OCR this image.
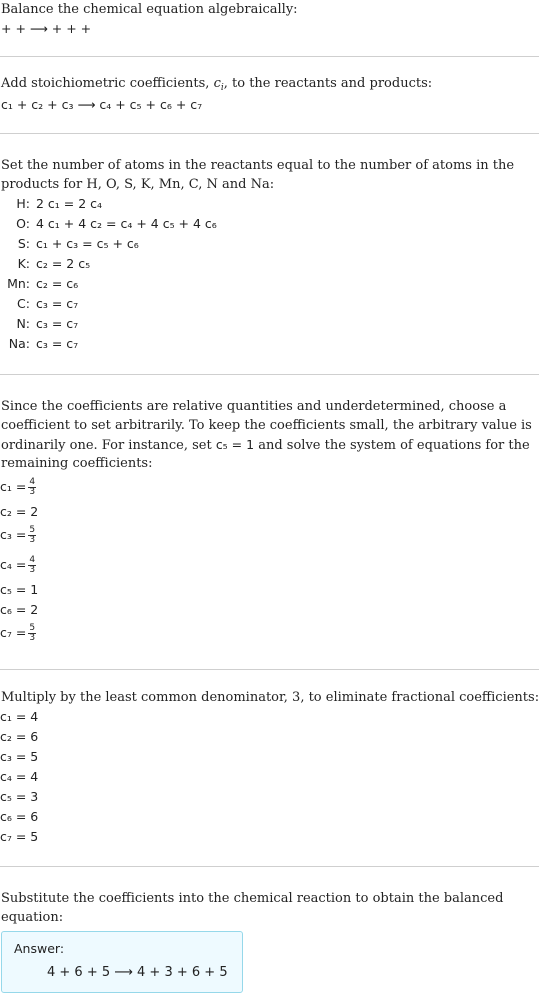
Balance the chemical equation algebraically:
+ + ⟶ + + +
Add stoichiometric coefficients, $c_i$, to the reactants and products:
c₁ + c₂ + c₃ ⟶ c₄ + c₅ + c₆ + c₇
Set the number of atoms in the reactants equal to the number of atoms in the
products for H, O, S, K, Mn, C, N and Na:
H: 2 c₁ = 2 c₄
O: 4 c₁ + 4 c₂ = c₄ + 4 c₅ + 4 c₆
S: c₁ + c₃ = c₅ + c₆
K: c₂ = 2 c₅
Mn: c₂ = c₆
C: c₃ = c₇
N: c₃ = c₇
Na: c₃ = c₇
Since the coefficients are relative quantities and underdetermined, choose a
coefficient to set arbitrarily. To keep the coefficients small, the arbitrary value is
ordinarily one. For instance, set c₅ = 1 and solve the system of equations for the
remaining coefficients:
$c_1 = \frac{4}{3}$
c₂ = 2
$c_3 = \frac{5}{3}$
$c_4 = \frac{4}{3}$
c₅ = 1
c₆ = 2
$c_7 = \frac{5}{3}$
Multiply by the least common denominator, 3, to eliminate fractional coefficients:
c₁ = 4
c₂ = 6
c₃ = 5
c₄ = 4
c₅ = 3
c₆ = 6
c₇ = 5
Substitute the coefficients into the chemical reaction to obtain the balanced
equation:
Answer:
4 + 6 + 5 ⟶ 4 + 3 + 6 + 5
